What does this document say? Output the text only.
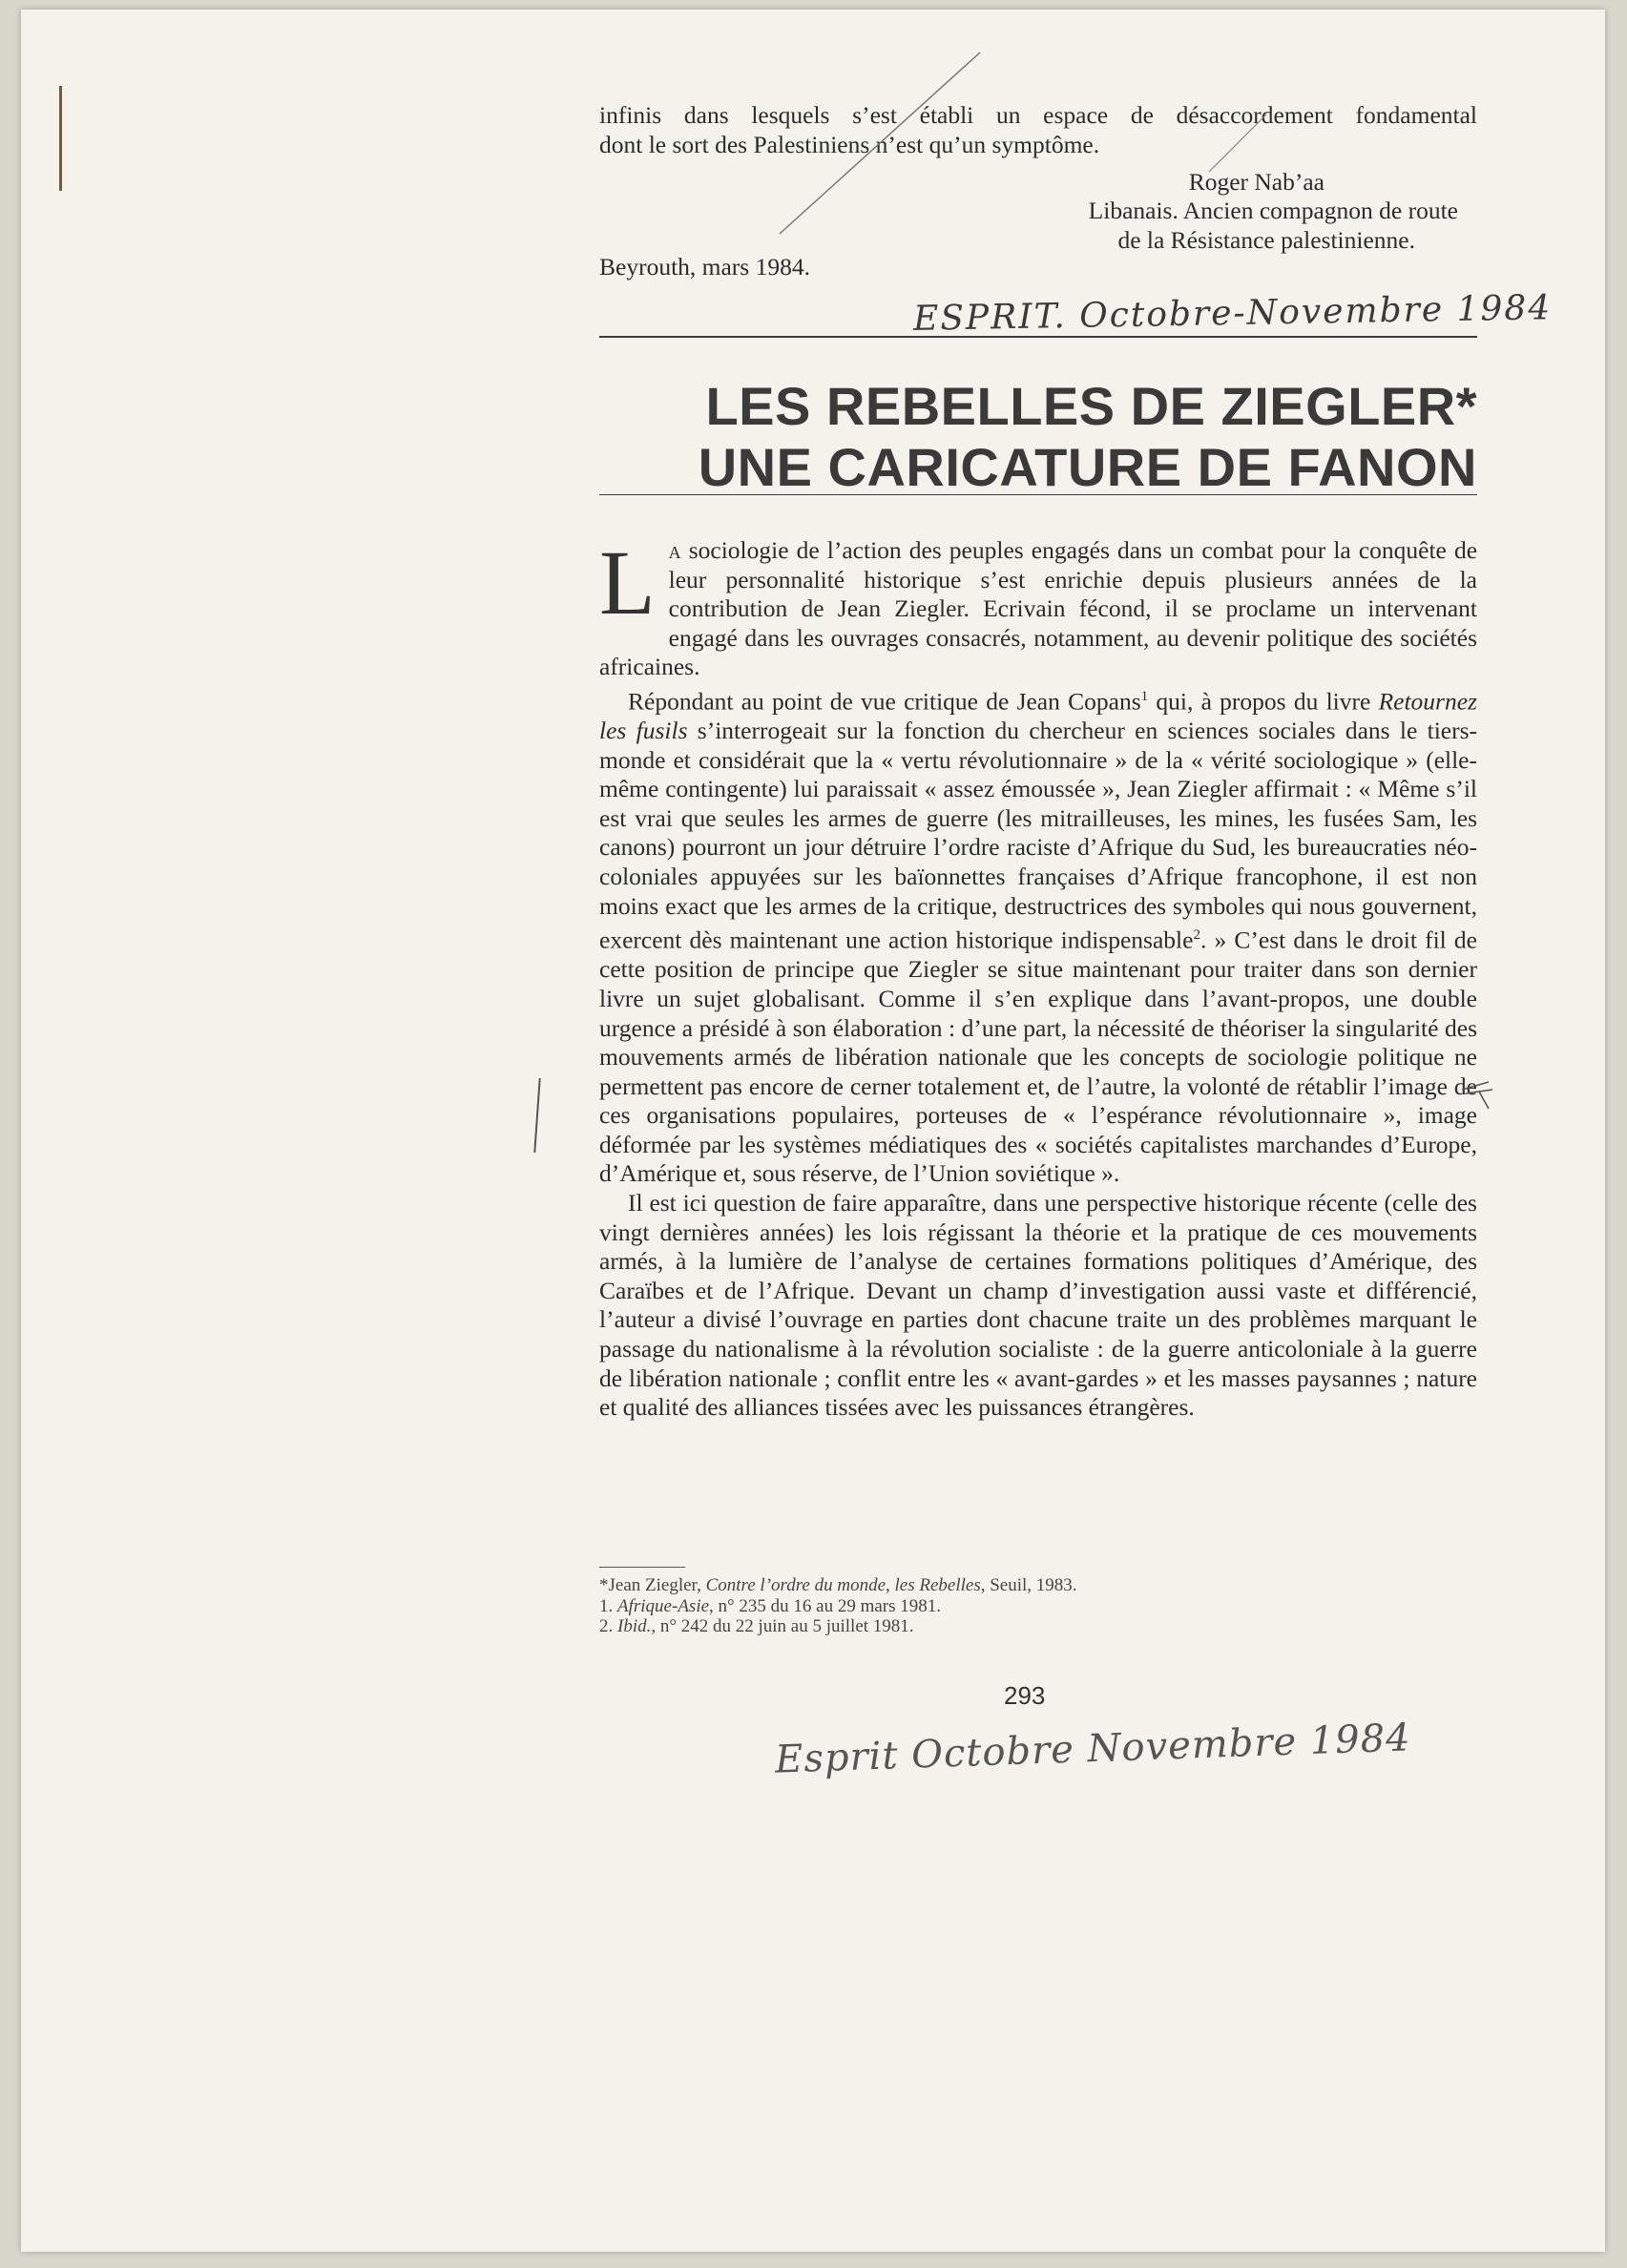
infinis dans lesquels s’est établi un espace de désaccordement fondamental
dont le sort des Palestiniens n’est qu’un symptôme.
Roger Nab’aa
Libanais. Ancien compagnon de route
de la Résistance palestinienne.
Beyrouth, mars 1984.
ESPRIT. Octobre-Novembre 1984
LES REBELLES DE ZIEGLER*
UNE CARICATURE DE FANON

La sociologie de l’action des peuples engagés dans un combat pour la conquête de leur personnalité historique s’est enrichie depuis plusieurs années de la contribution de Jean Ziegler. Ecrivain fécond, il se proclame un intervenant engagé dans les ouvrages consacrés, notamment, au devenir politique des sociétés africaines.

Répondant au point de vue critique de Jean Copans$^1$ qui, à propos du livre Retournez les fusils s’interrogeait sur la fonction du chercheur en sciences sociales dans le tiers-monde et considérait que la « vertu révolutionnaire » de la « vérité sociologique » (elle-même contingente) lui paraissait « assez émoussée », Jean Ziegler affirmait : « Même s’il est vrai que seules les armes de guerre (les mitrailleuses, les mines, les fusées Sam, les canons) pourront un jour détruire l’ordre raciste d’Afrique du Sud, les bureaucraties néo-coloniales appuyées sur les baïonnettes françaises d’Afrique francophone, il est non moins exact que les armes de la critique, destructrices des symboles qui nous gouvernent, exercent dès maintenant une action historique indispensable$^2$. » C’est dans le droit fil de cette position de principe que Ziegler se situe maintenant pour traiter dans son dernier livre un sujet globalisant. Comme il s’en explique dans l’avant-propos, une double urgence a présidé à son élaboration : d’une part, la nécessité de théoriser la singularité des mouvements armés de libération nationale que les concepts de sociologie politique ne permettent pas encore de cerner totalement et, de l’autre, la volonté de rétablir l’image de ces organisations populaires, porteuses de « l’espérance révolutionnaire », image déformée par les systèmes médiatiques des « sociétés capitalistes marchandes d’Europe, d’Amérique et, sous réserve, de l’Union soviétique ».

Il est ici question de faire apparaître, dans une perspective historique récente (celle des vingt dernières années) les lois régissant la théorie et la pratique de ces mouvements armés, à la lumière de l’analyse de certaines formations politiques d’Amérique, des Caraïbes et de l’Afrique. Devant un champ d’investigation aussi vaste et différencié, l’auteur a divisé l’ouvrage en parties dont chacune traite un des problèmes marquant le passage du nationalisme à la révolution socialiste : de la guerre anticoloniale à la guerre de libération nationale ; conflit entre les « avant-gardes » et les masses paysannes ; nature et qualité des alliances tissées avec les puissances étrangères.

*Jean Ziegler, Contre l’ordre du monde, les Rebelles, Seuil, 1983.
1. Afrique-Asie, n° 235 du 16 au 29 mars 1981.
2. Ibid., n° 242 du 22 juin au 5 juillet 1981.
293
Esprit Octobre Novembre 1984
